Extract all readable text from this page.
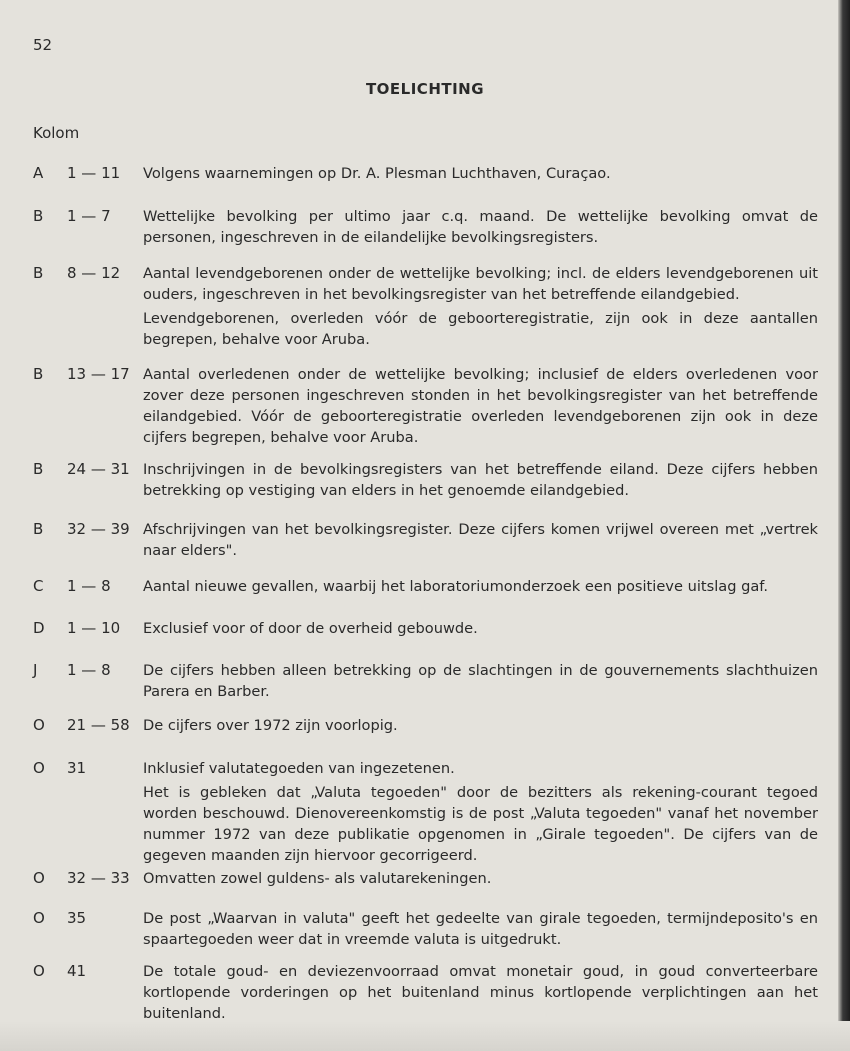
52
TOELICHTING
Kolom
A 1 — 11	Volgens waarnemingen op Dr. A. Plesman Luchthaven, Curaçao.

B 1 — 7	Wettelijke bevolking per ultimo jaar c.q. maand. De wettelijke bevolking omvat de personen, ingeschreven in de eilandelijke bevolkingsregisters.

B 8 — 12	Aantal levendgeborenen onder de wettelijke bevolking; incl. de elders levendgeborenen uit ouders, ingeschreven in het bevolkingsregister van het betreffende eilandgebied.

Levendgeborenen, overleden vóór de geboorteregistratie, zijn ook in deze aantallen begrepen, behalve voor Aruba.

B 13 — 17 Aantal overledenen onder de wettelijke bevolking; inclusief de elders overledenen voor zover deze personen ingeschreven stonden in het bevolkingsregister van het betreffende eilandgebied. Vóór de geboorteregistratie overleden levendgeborenen zijn ook in deze cijfers begrepen, behalve voor Aruba.

B 24 — 31 Inschrijvingen in de bevolkingsregisters van het betreffende eiland. Deze cijfers hebben betrekking op vestiging van elders in het genoemde eilandgebied.

B 32 — 39 Afschrijvingen van het bevolkingsregister. Deze cijfers komen vrijwel overeen met „vertrek naar elders".

C 1 — 8	Aantal nieuwe gevallen, waarbij het laboratoriumonderzoek een positieve uitslag gaf.

D 1 — 10	Exclusief voor of door de overheid gebouwde.

J 1 — 8	De cijfers hebben alleen betrekking op de slachtingen in de gouvernements slachthuizen Parera en Barber.

O 21 — 58 De cijfers over 1972 zijn voorlopig.

O 31	Inklusief valutategoeden van ingezetenen.

Het is gebleken dat „Valuta tegoeden" door de bezitters als rekening-courant tegoed worden beschouwd. Dienovereenkomstig is de post „Valuta tegoeden" vanaf het november nummer 1972 van deze publikatie opgenomen in „Girale tegoeden". De cijfers van de gegeven maanden zijn hiervoor gecorrigeerd.

O 32 — 33 Omvatten zowel guldens- als valutarekeningen.

O 35	De post „Waarvan in valuta" geeft het gedeelte van girale tegoeden, termijndeposito's en spaartegoeden weer dat in vreemde valuta is uitgedrukt.

O 41	De totale goud- en deviezenvoorraad omvat monetair goud, in goud converteerbare kortlopende vorderingen op het buitenland minus kortlopende verplichtingen aan het buitenland.
